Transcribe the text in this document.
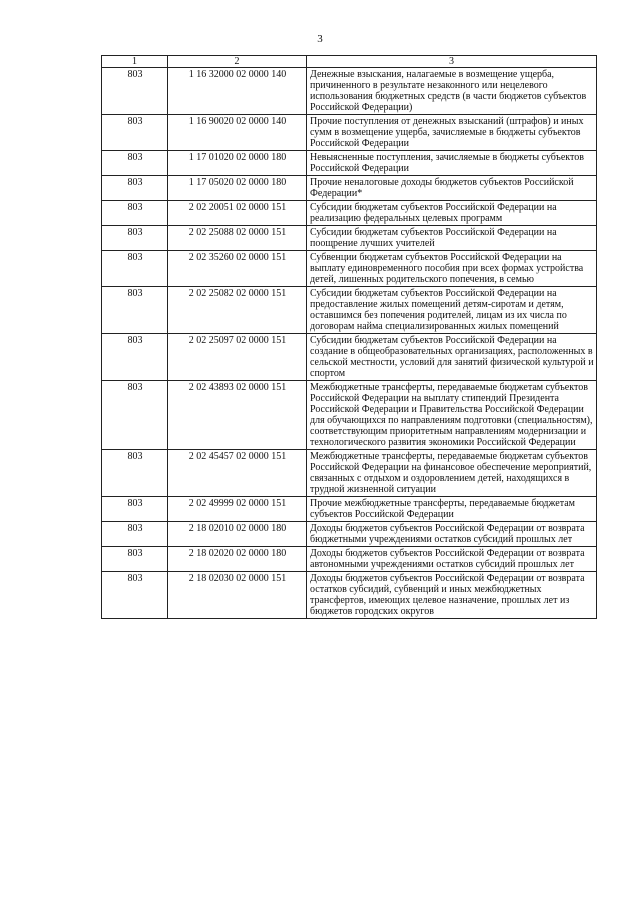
3
1	2	3
803	1 16 32000 02 0000 140	Денежные взыскания, налагаемые в возмещение ущерба, причиненного в результате незаконного или нецелевого использования бюджетных средств (в части бюджетов субъектов Российской Федерации)
803	1 16 90020 02 0000 140	Прочие поступления от денежных взысканий (штрафов) и иных сумм в возмещение ущерба, зачисляемые в бюджеты субъектов Российской Федерации
803	1 17 01020 02 0000 180	Невыясненные поступления, зачисляемые в бюджеты субъектов Российской Федерации
803	1 17 05020 02 0000 180	Прочие неналоговые доходы бюджетов субъектов Российской Федерации*
803	2 02 20051 02 0000 151	Субсидии бюджетам субъектов Российской Федерации на реализацию федеральных целевых программ
803	2 02 25088 02 0000 151	Субсидии бюджетам субъектов Российской Федерации на поощрение лучших учителей
803	2 02 35260 02 0000 151	Субвенции бюджетам субъектов Российской Федерации на выплату единовременного пособия при всех формах устройства детей, лишенных родительского попечения, в семью
803	2 02 25082 02 0000 151	Субсидии бюджетам субъектов Российской Федерации на предоставление жилых помещений детям-сиротам и детям, оставшимся без попечения родителей, лицам из их числа по договорам найма специализированных жилых помещений
803	2 02 25097 02 0000 151	Субсидии бюджетам субъектов Российской Федерации на создание в общеобразовательных организациях, расположенных в сельской местности, условий для занятий физической культурой и спортом
803	2 02 43893 02 0000 151	Межбюджетные трансферты, передаваемые бюджетам субъектов Российской Федерации на выплату стипендий Президента Российской Федерации и Правительства Российской Федерации для обучающихся по направлениям подготовки (специальностям), соответствующим приоритетным направлениям модернизации и технологического развития экономики Российской Федерации
803	2 02 45457 02 0000 151	Межбюджетные трансферты, передаваемые бюджетам субъектов Российской Федерации на финансовое обеспечение мероприятий, связанных с отдыхом и оздоровлением детей, находящихся в трудной жизненной ситуации
803	2 02 49999 02 0000 151	Прочие межбюджетные трансферты, передаваемые бюджетам субъектов Российской Федерации
803	2 18 02010 02 0000 180	Доходы бюджетов субъектов Российской Федерации от возврата бюджетными учреждениями остатков субсидий прошлых лет
803	2 18 02020 02 0000 180	Доходы бюджетов субъектов Российской Федерации от возврата автономными учреждениями остатков субсидий прошлых лет
803	2 18 02030 02 0000 151	Доходы бюджетов субъектов Российской Федерации от возврата остатков субсидий, субвенций и иных межбюджетных трансфертов, имеющих целевое назначение, прошлых лет из бюджетов городских округов
